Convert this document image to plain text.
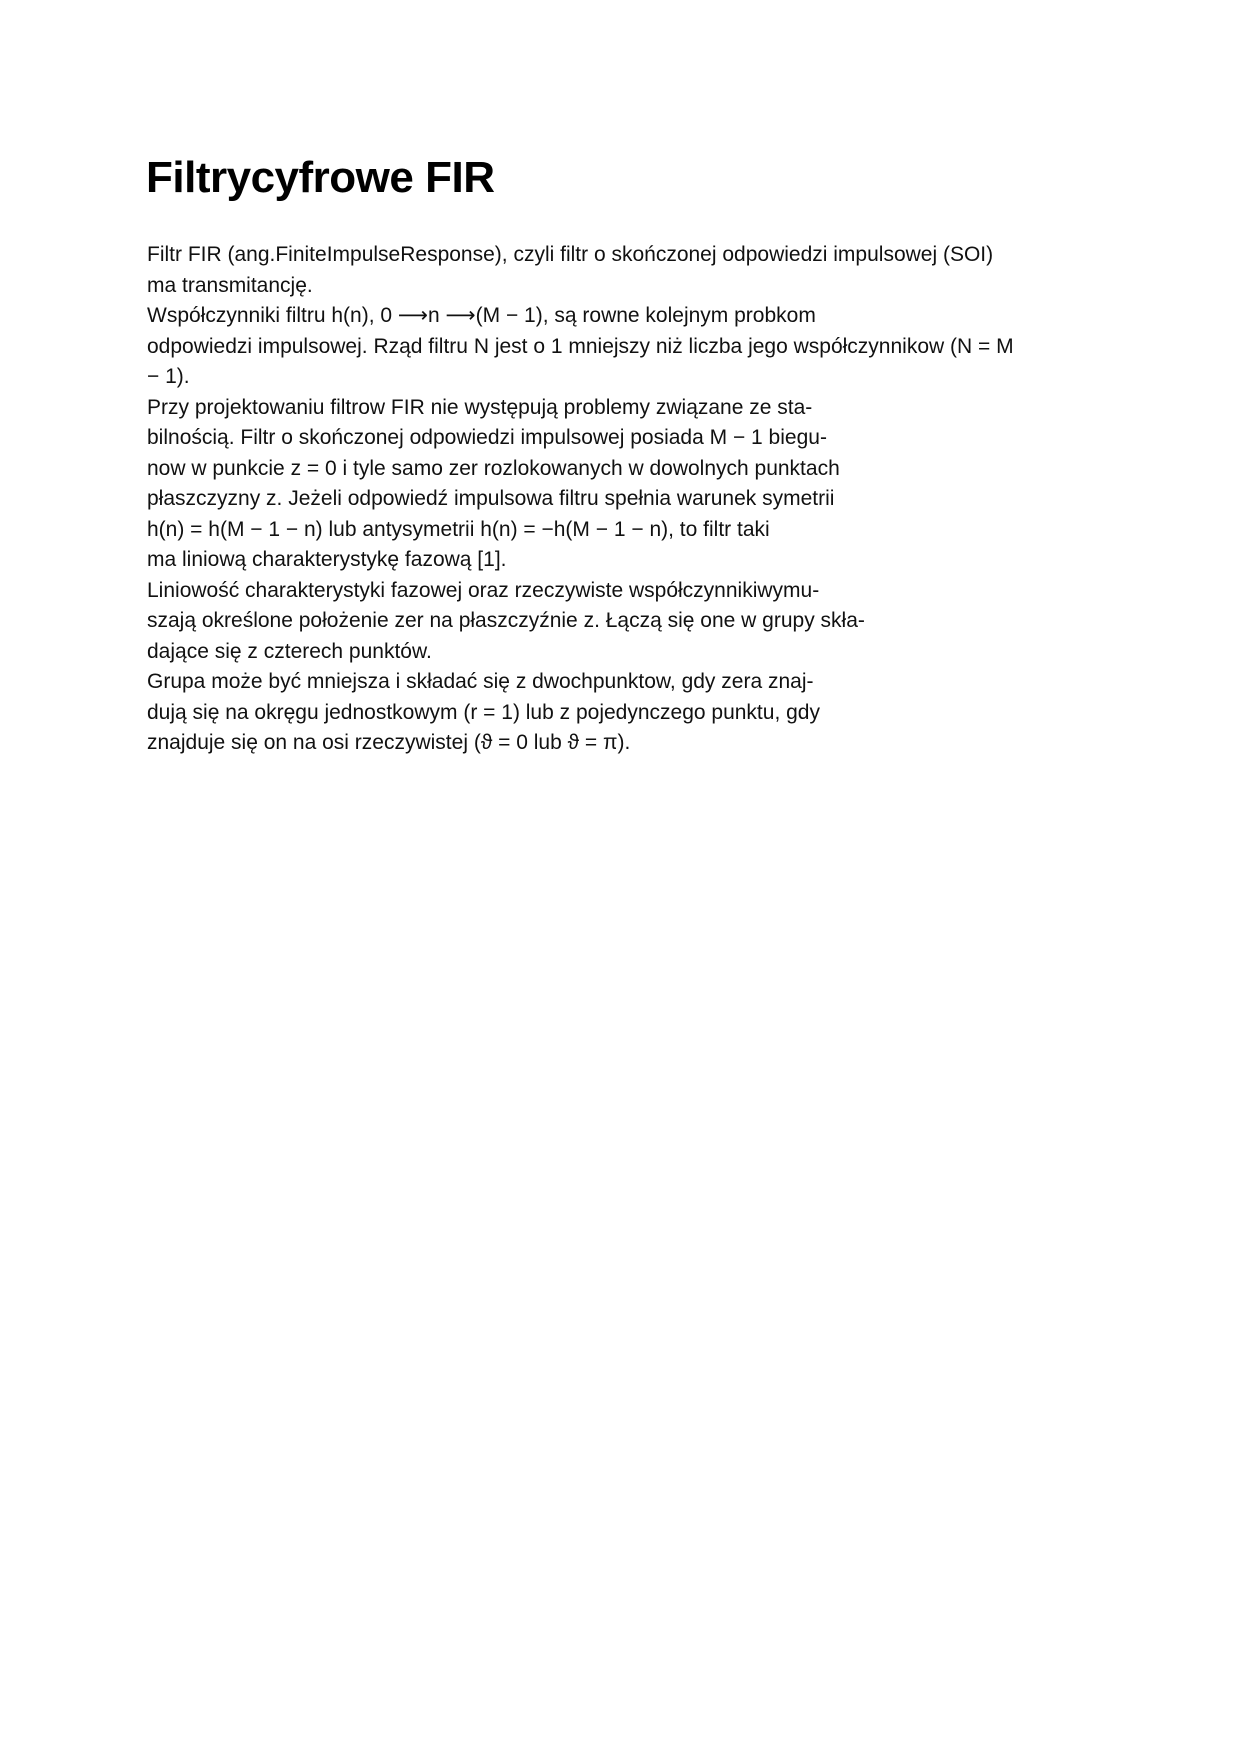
Filtrycyfrowe FIR
Filtr FIR (ang.FiniteImpulseResponse), czyli filtr o skończonej odpowiedzi impulsowej (SOI)
ma transmitancję.
Współczynniki filtru h(n), 0 ⟶n ⟶(M − 1), są rowne kolejnym probkom
odpowiedzi impulsowej. Rząd filtru N jest o 1 mniejszy niż liczba jego współczynnikow (N = M
− 1).
Przy projektowaniu filtrow FIR nie występują problemy związane ze sta-
bilnością. Filtr o skończonej odpowiedzi impulsowej posiada M − 1 biegu-
now w punkcie z = 0 i tyle samo zer rozlokowanych w dowolnych punktach
płaszczyzny z. Jeżeli odpowiedź impulsowa filtru spełnia warunek symetrii
h(n) = h(M − 1 − n) lub antysymetrii h(n) = −h(M − 1 − n), to filtr taki
ma liniową charakterystykę fazową [1].
Liniowość charakterystyki fazowej oraz rzeczywiste współczynnikiwymu-
szają określone położenie zer na płaszczyźnie z. Łączą się one w grupy skła-
dające się z czterech punktów.
Grupa może być mniejsza i składać się z dwochpunktow, gdy zera znaj-
dują się na okręgu jednostkowym (r = 1) lub z pojedynczego punktu, gdy
znajduje się on na osi rzeczywistej (ϑ = 0 lub ϑ = π).
